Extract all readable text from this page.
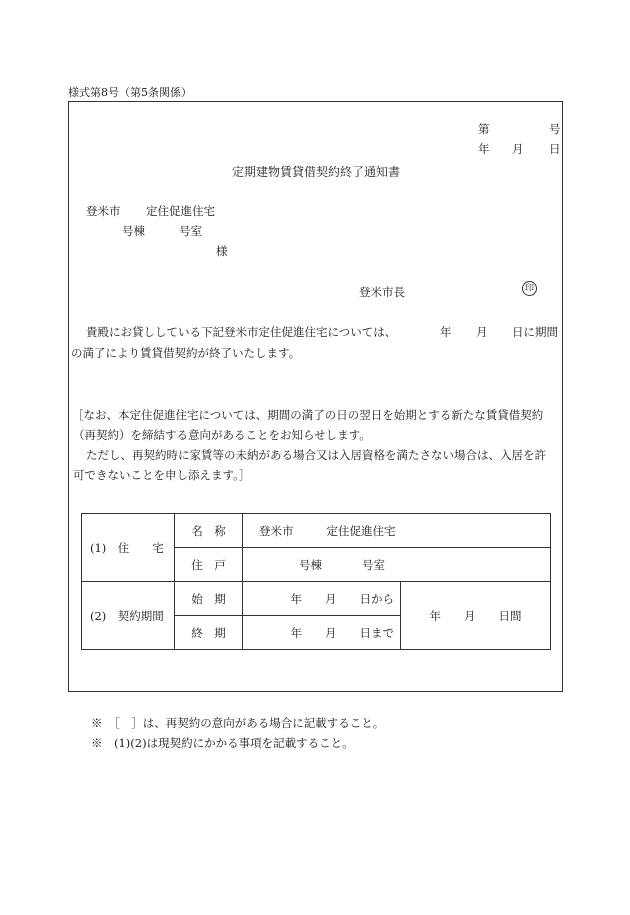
様式第8号（第5条関係）
第	号
年 月 日
定期建物賃貸借契約終了通知書
登米市 定住促進住宅
号棟	号室
様
登米市長	印
貴殿にお貸ししている下記登米市定住促進住宅については、	年 月 日に期間
の満了により賃貸借契約が終了いたします。
［なお、本定住促進住宅については、期間の満了の日の翌日を始期とする新たな賃貸借契約
（再契約）を締結する意向があることをお知らせします。
ただし、再契約時に家賃等の未納がある場合又は入居資格を満たさない場合は、入居を許
可できないことを申し添えます。］
(1)　住　　宅	名　称	登米市 定住促進住宅	
	住　戸	号棟 号室	
(2)　契約期間	始　期	年　　月　　日から	年　　月　　日間
	終　期	年　　月　　日まで	
※　［　］は、再契約の意向がある場合に記載すること。
※　(1)(2)は現契約にかかる事項を記載すること。
